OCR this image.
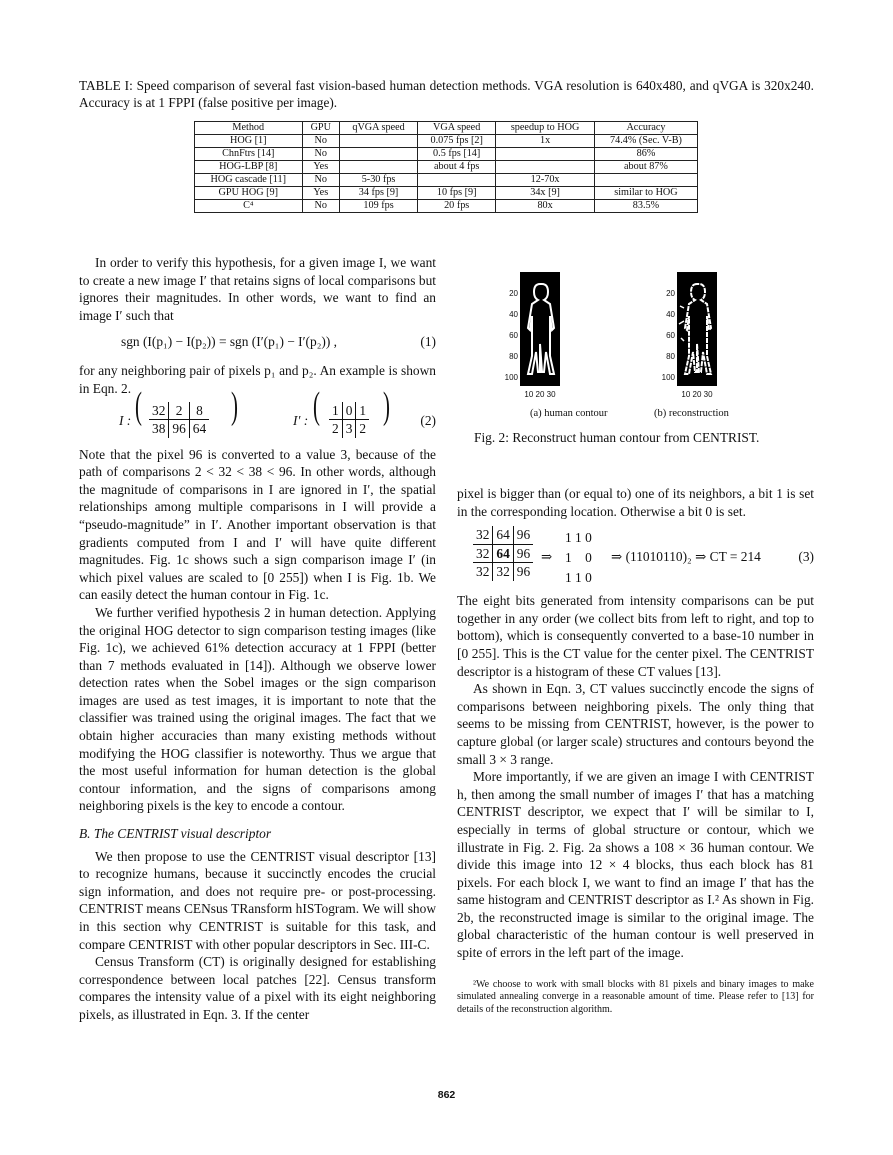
TABLE I: Speed comparison of several fast vision-based human detection methods. VGA resolution is 640x480, and qVGA is 320x240. Accuracy is at 1 FPPI (false positive per image).
Method	GPU	qVGA speed	VGA speed	speedup to HOG	Accuracy
HOG [1]	No		0.075 fps [2]	1x	74.4% (Sec. V-B)
ChnFtrs [14]	No		0.5 fps [14]		86%
HOG-LBP [8]	Yes		about 4 fps		about 87%
HOG cascade [11]	No	5-30 fps		12-70x	
GPU HOG [9]	Yes	34 fps [9]	10 fps [9]	34x [9]	similar to HOG
C⁴	No	109 fps	20 fps	80x	83.5%

In order to verify this hypothesis, for a given image I, we want to create a new image I′ that retains signs of local comparisons but ignores their magnitudes. In other words, we want to find an image I′ such that

sgn (I(p₁) − I(p₂)) = sgn (I′(p₁) − I′(p₂)) ,	(1)

for any neighboring pair of pixels p₁ and p₂. An example is shown in Eqn. 2.

I : ( 32	2	8
38	96	64
)	I′ : ( 1	0	1
2	3	2
) (2)

Note that the pixel 96 is converted to a value 3, because of the path of comparisons 2 < 32 < 38 < 96. In other words, although the magnitude of comparisons in I are ignored in I′, the spatial relationships among multiple comparisons in I will provide a “pseudo-magnitude” in I′. Another important observation is that gradients computed from I and I′ will have quite different magnitudes. Fig. 1c shows such a sign comparison image I′ (in which pixel values are scaled to [0 255]) when I is Fig. 1b. We can easily detect the human contour in Fig. 1c.

We further verified hypothesis 2 in human detection. Applying the original HOG detector to sign comparison testing images (like Fig. 1c), we achieved 61% detection accuracy at 1 FPPI (better than 7 methods evaluated in [14]). Although we observe lower detection rates when the Sobel images or the sign comparison images are used as test images, it is important to note that the classifier was trained using the original images. The fact that we obtain higher accuracies than many existing methods without modifying the HOG classifier is noteworthy. Thus we argue that the most useful information for human detection is the global contour information, and the signs of comparisons among neighboring pixels is the key to encode a contour.

B. The CENTRIST visual descriptor

We then propose to use the CENTRIST visual descriptor [13] to recognize humans, because it succinctly encodes the crucial sign information, and does not require pre- or post-processing. CENTRIST means CENsus TRansform hISTogram. We will show in this section why CENTRIST is suitable for this task, and compare CENTRIST with other popular descriptors in Sec. III-C.

Census Transform (CT) is originally designed for establishing correspondence between local patches [22]. Census transform compares the intensity value of a pixel with its eight neighboring pixels, as illustrated in Eqn. 3. If the center

20
40
60
80
100
10 20 30
20
40
60
80
100
10 20 30
(a) human contour	(b) reconstruction
Fig. 2: Reconstruct human contour from CENTRIST.

pixel is bigger than (or equal to) one of its neighbors, a bit 1 is set in the corresponding location. Otherwise a bit 0 is set.

32	64	96
32	64	96
32	32	96
⇒
1 1 0
1    0
1 1 0
⇒ (11010110)₂ ⇒ CT = 214	(3)

The eight bits generated from intensity comparisons can be put together in any order (we collect bits from left to right, and top to bottom), which is consequently converted to a base-10 number in [0 255]. This is the CT value for the center pixel. The CENTRIST descriptor is a histogram of these CT values [13].

As shown in Eqn. 3, CT values succinctly encode the signs of comparisons between neighboring pixels. The only thing that seems to be missing from CENTRIST, however, is the power to capture global (or larger scale) structures and contours beyond the small 3 × 3 range.

More importantly, if we are given an image I with CENTRIST h, then among the small number of images I′ that has a matching CENTRIST descriptor, we expect that I′ will be similar to I, especially in terms of global structure or contour, which we illustrate in Fig. 2. Fig. 2a shows a 108 × 36 human contour. We divide this image into 12 × 4 blocks, thus each block has 81 pixels. For each block I, we want to find an image I′ that has the same histogram and CENTRIST descriptor as I.² As shown in Fig. 2b, the reconstructed image is similar to the original image. The global characteristic of the human contour is well preserved in spite of errors in the left part of the image.

²We choose to work with small blocks with 81 pixels and binary images to make simulated annealing converge in a reasonable amount of time. Please refer to [13] for details of the reconstruction algorithm.

862
